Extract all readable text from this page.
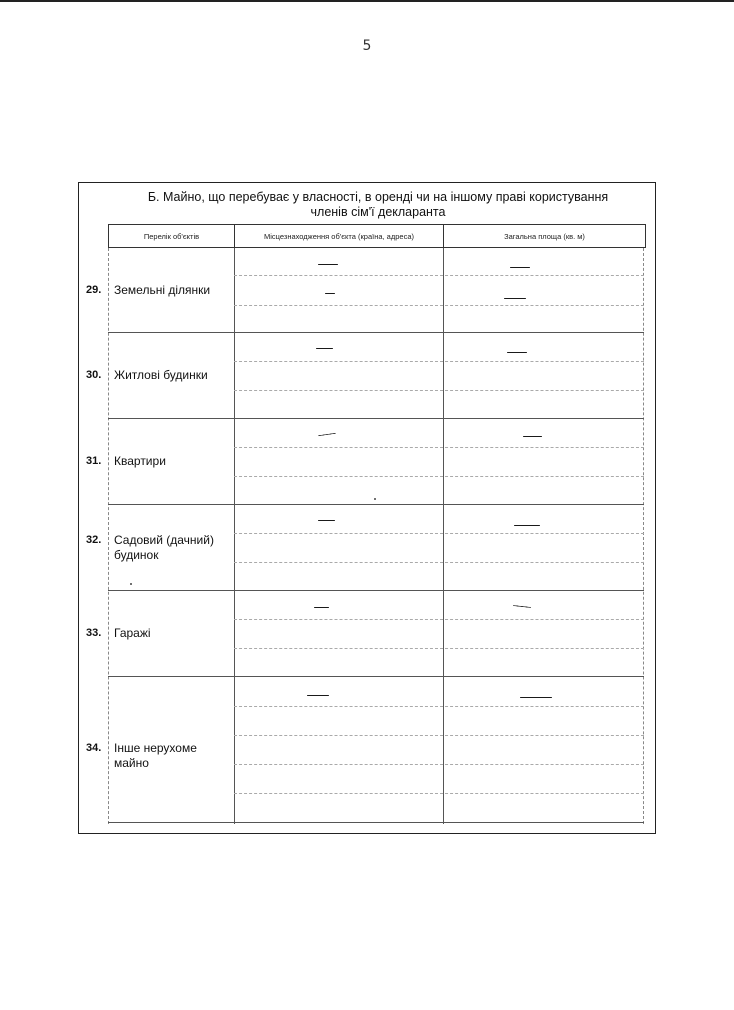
5
Б. Майно, що перебуває у власності, в оренді чи на іншому праві користування
членів сім'ї декларанта
Перелік об'єктів	Місцезнаходження об'єкта (країна, адреса)	Загальна площа (кв. м)
29.	Земельні ділянки
30.	Житлові будинки
31.	Квартири
32.	Садовий (дачний) будинок
33.	Гаражі
34.	Інше нерухоме майно
